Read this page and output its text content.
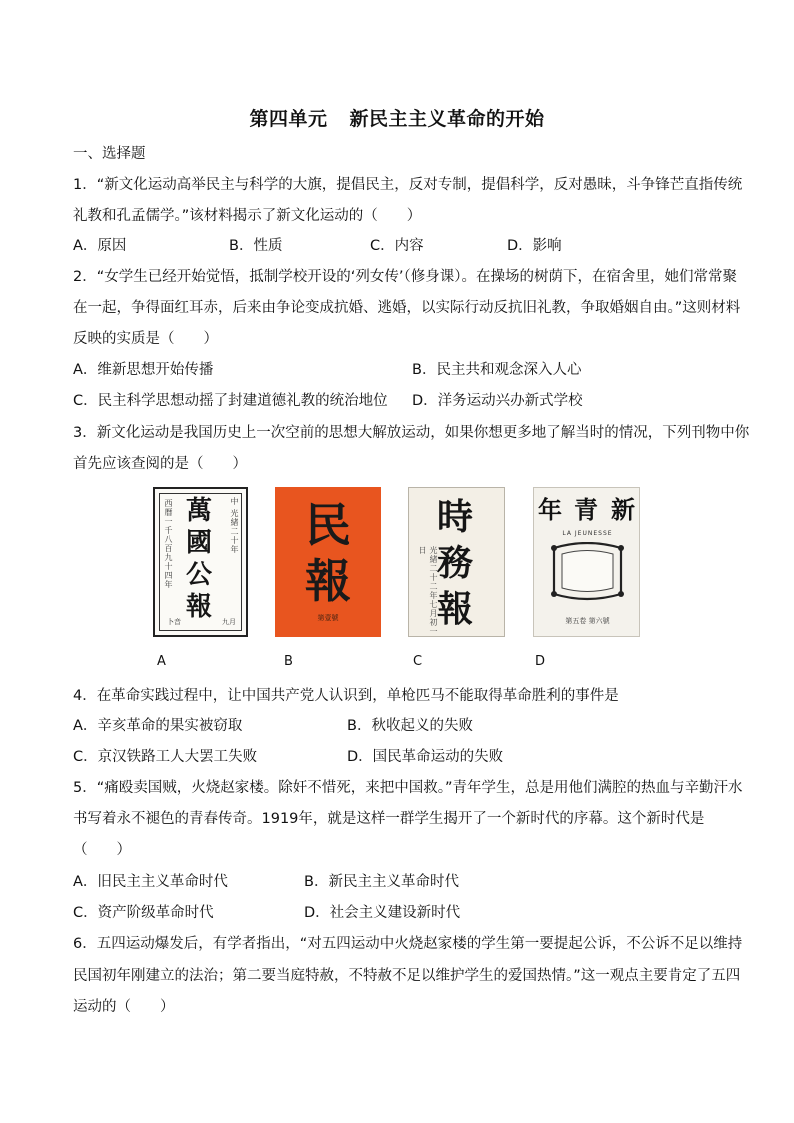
第四单元 新民主主义革命的开始
一、选择题
1．“新文化运动高举民主与科学的大旗，提倡民主，反对专制，提倡科学，反对愚昧，斗争锋芒直指传统
礼教和孔孟儒学。”该材料揭示了新文化运动的（　　）
A．原因	B．性质	C．内容	D．影响
2．“女学生已经开始觉悟，抵制学校开设的‘列女传’（修身课）。在操场的树荫下，在宿舍里，她们常常聚
在一起，争得面红耳赤，后来由争论变成抗婚、逃婚，以实际行动反抗旧礼教，争取婚姻自由。”这则材料
反映的实质是（　　）
A．维新思想开始传播	B．民主共和观念深入人心
C．民主科学思想动摇了封建道德礼教的统治地位 D．洋务运动兴办新式学校
3．新文化运动是我国历史上一次空前的思想大解放运动，如果你想更多地了解当时的情况，下列刊物中你
首先应该查阅的是（　　）
西曆一千八百九十四年	中
光緒二十年
萬
國
公
報
卜音	九月
民
報
第壹號	光緒二十二年七月初一日
時
務
報
新
青
年
LA JEUNESSE
第五卷 第六號
A	B	C	D
4．在革命实践过程中，让中国共产党人认识到，单枪匹马不能取得革命胜利的事件是
A．辛亥革命的果实被窃取	B．秋收起义的失败
C．京汉铁路工人大罢工失败	D．国民革命运动的失败
5．“痛殴卖国贼，火烧赵家楼。除奸不惜死，来把中国救。”青年学生，总是用他们满腔的热血与辛勤汗水
书写着永不褪色的青春传奇。1919年，就是这样一群学生揭开了一个新时代的序幕。这个新时代是
（　　）
A．旧民主主义革命时代	B．新民主主义革命时代
C．资产阶级革命时代	D．社会主义建设新时代
6．五四运动爆发后，有学者指出，“对五四运动中火烧赵家楼的学生第一要提起公诉，不公诉不足以维持
民国初年刚建立的法治；第二要当庭特赦，不特赦不足以维护学生的爱国热情。”这一观点主要肯定了五四
运动的（　　）
